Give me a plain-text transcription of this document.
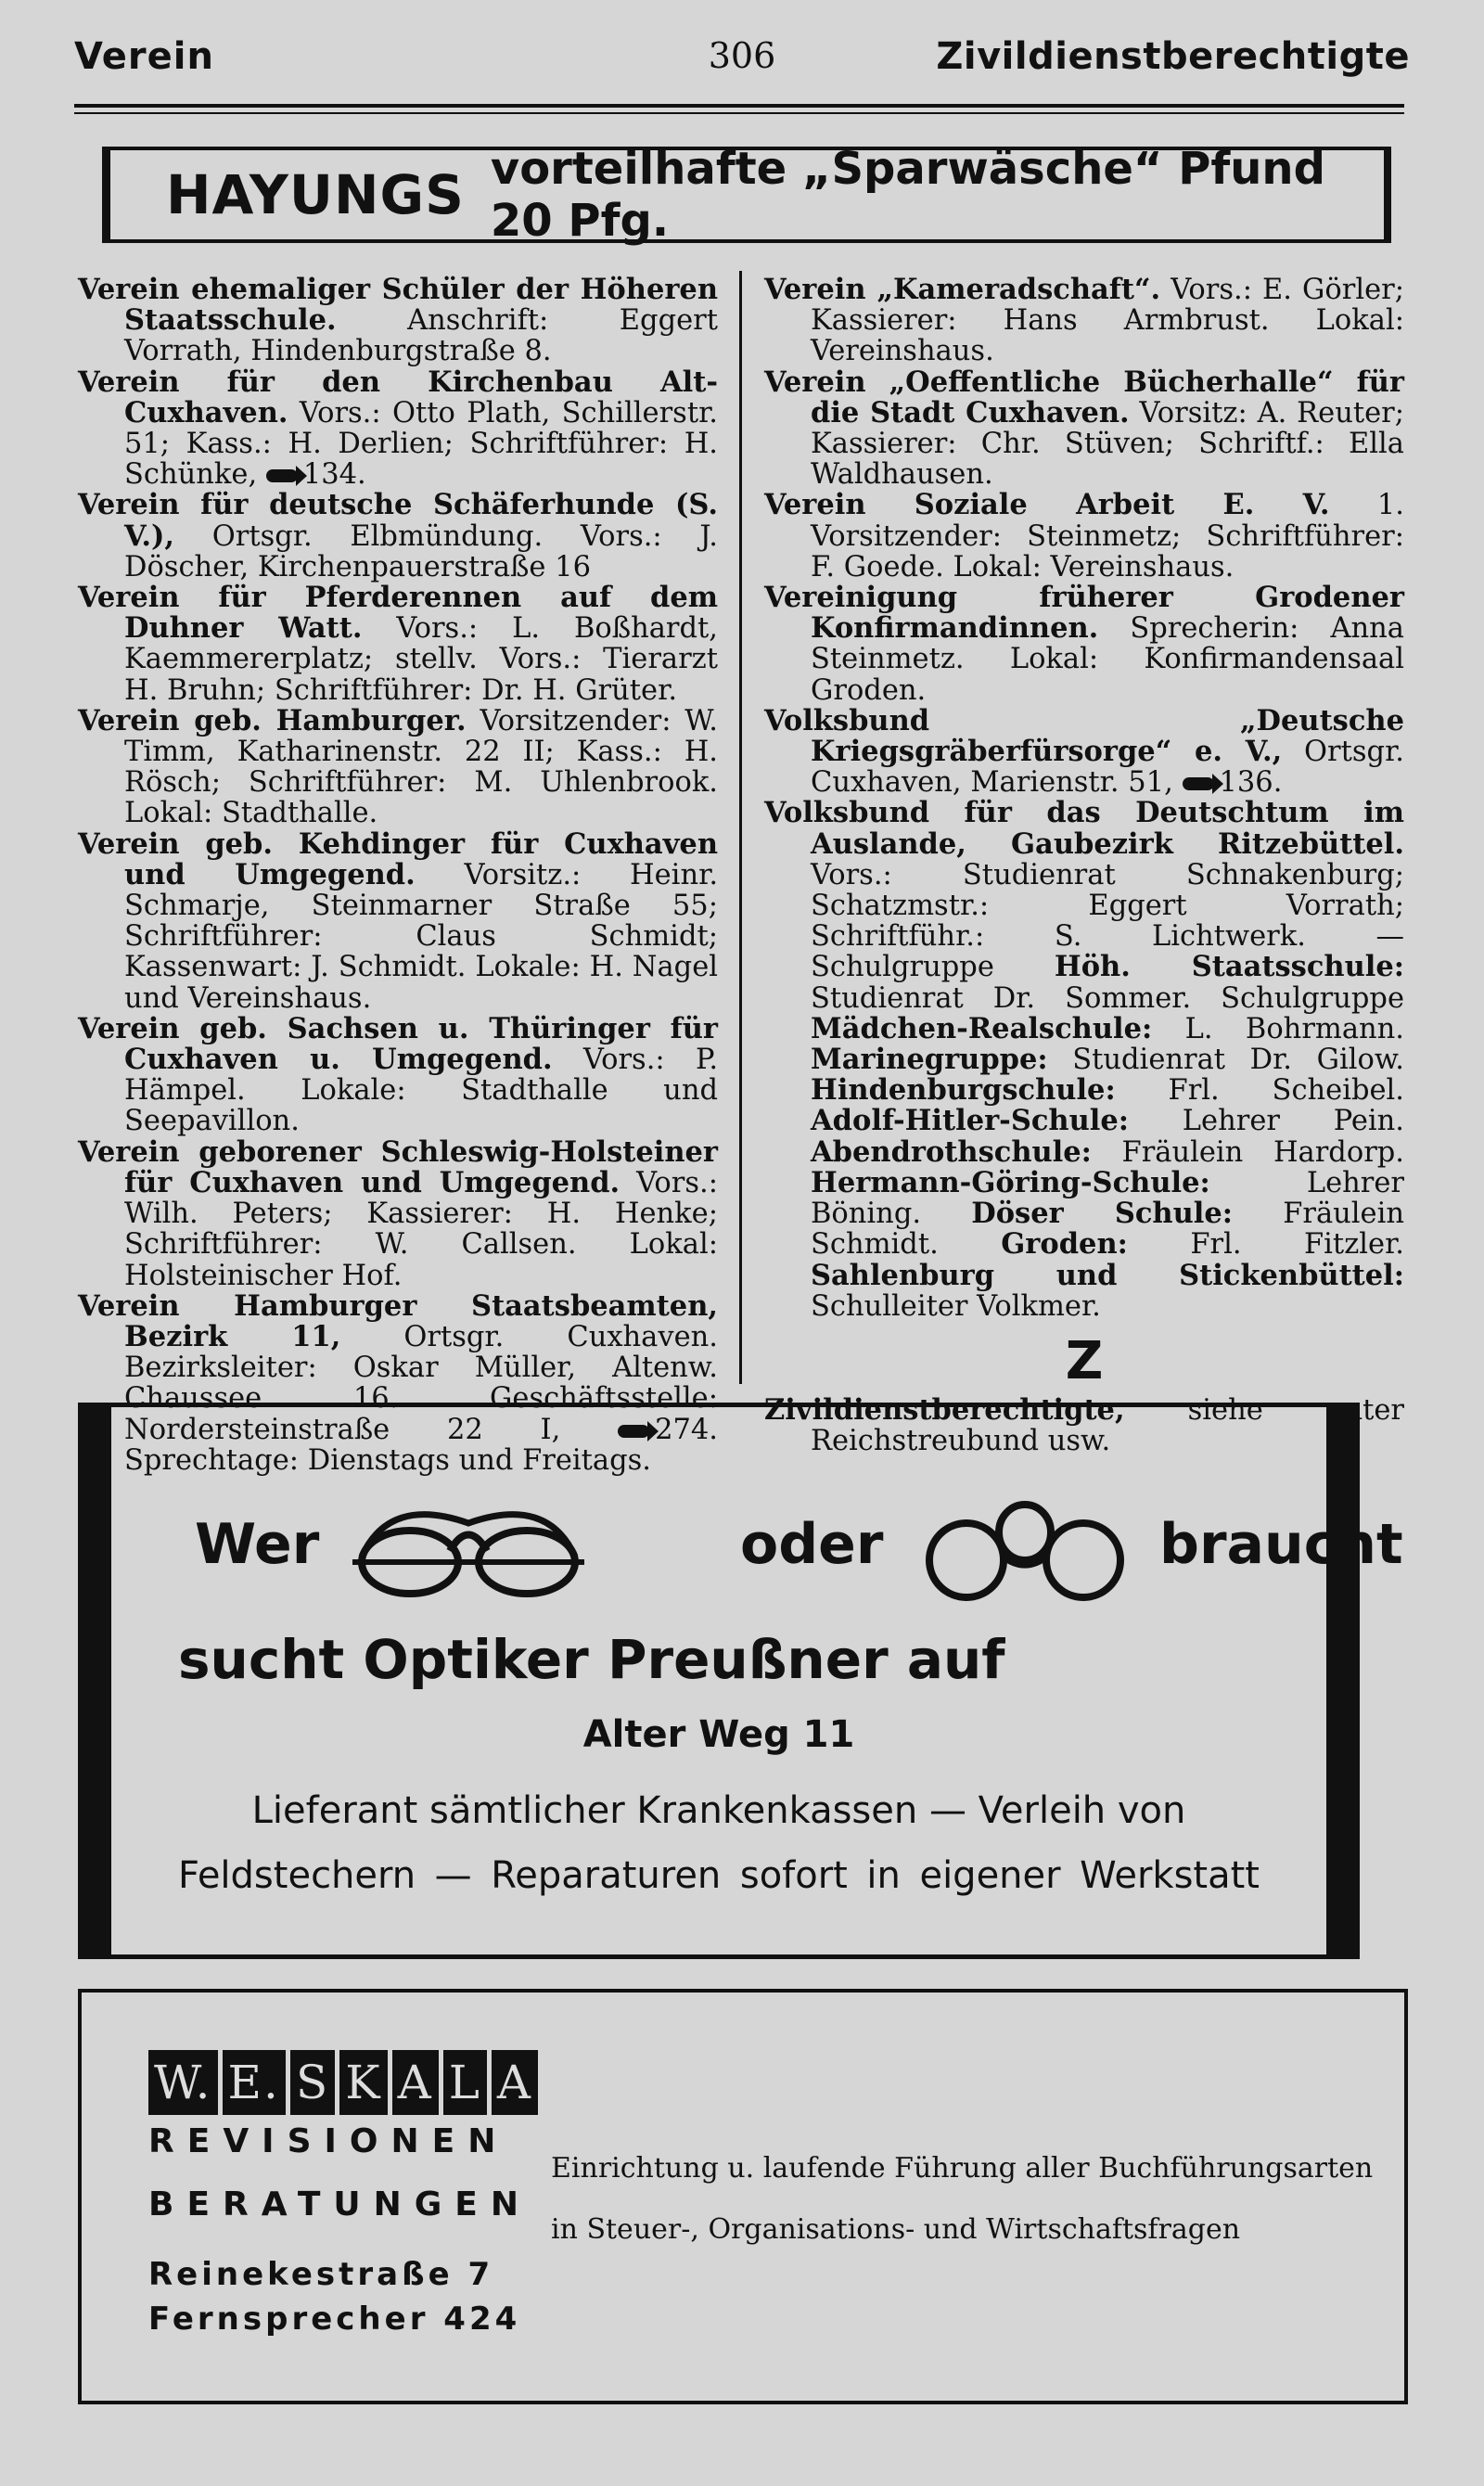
Verein	306	Zivildienstberechtigte
HAYUNGS vorteilhafte „Sparwäsche“ Pfund 20 Pfg.

Verein ehemaliger Schüler der Höheren Staatsschule. Anschrift: Eggert Vorrath, Hindenburgstraße 8.

Verein für den Kirchenbau Alt-Cuxhaven. Vors.: Otto Plath, Schillerstr. 51; Kass.: H. Derlien; Schriftführer: H. Schünke, 134.

Verein für deutsche Schäferhunde (S. V.), Ortsgr. Elbmündung. Vors.: J. Döscher, Kirchenpauerstraße 16

Verein für Pferderennen auf dem Duhner Watt. Vors.: L. Boßhardt, Kaemmererplatz; stellv. Vors.: Tierarzt H. Bruhn; Schriftführer: Dr. H. Grüter.

Verein geb. Hamburger. Vorsitzender: W. Timm, Katharinenstr. 22 II; Kass.: H. Rösch; Schriftführer: M. Uhlenbrook. Lokal: Stadthalle.

Verein geb. Kehdinger für Cuxhaven und Umgegend. Vorsitz.: Heinr. Schmarje, Steinmarner Straße 55; Schriftführer: Claus Schmidt; Kassenwart: J. Schmidt. Lokale: H. Nagel und Vereinshaus.

Verein geb. Sachsen u. Thüringer für Cuxhaven u. Umgegend. Vors.: P. Hämpel. Lokale: Stadthalle und Seepavillon.

Verein geborener Schleswig-Holsteiner für Cuxhaven und Umgegend. Vors.: Wilh. Peters; Kassierer: H. Henke; Schriftführer: W. Callsen. Lokal: Holsteinischer Hof.

Verein Hamburger Staatsbeamten, Bezirk 11, Ortsgr. Cuxhaven. Bezirksleiter: Oskar Müller, Altenw. Chaussee 16. Geschäftsstelle: Nordersteinstraße 22 I,	274. Sprechtage: Dienstags und Freitags.

Verein „Kameradschaft“. Vors.: E. Görler; Kassierer: Hans Armbrust. Lokal: Vereinshaus.

Verein „Oeffentliche Bücherhalle“ für die Stadt Cuxhaven. Vorsitz: A. Reuter; Kassierer: Chr. Stüven; Schriftf.: Ella Waldhausen.

Verein Soziale Arbeit E. V. 1. Vorsitzender: Steinmetz; Schriftführer: F. Goede. Lokal: Vereinshaus.

Vereinigung früherer Grodener Konfirmandinnen. Sprecherin: Anna Steinmetz. Lokal: Konfirmandensaal Groden.

Volksbund „Deutsche Kriegsgräberfürsorge“ e. V., Ortsgr. Cuxhaven, Marienstr. 51, 136.

Volksbund für das Deutschtum im Auslande, Gaubezirk Ritzebüttel. Vors.: Studienrat Schnakenburg; Schatzmstr.: Eggert Vorrath; Schriftführ.: S. Lichtwerk. — Schulgruppe Höh. Staatsschule: Studienrat Dr. Sommer. Schulgruppe Mädchen-Realschule: L. Bohrmann. Marinegruppe: Studienrat Dr. Gilow. Hindenburgschule: Frl. Scheibel. Adolf-Hitler-Schule: Lehrer Pein. Abendrothschule: Fräulein Hardorp. Hermann-Göring-Schule: Lehrer Böning. Döser Schule: Fräulein Schmidt. Groden: Frl. Fitzler. Sahlenburg und Stickenbüttel: Schulleiter Volkmer.

Z

Zivildienstberechtigte, siehe unter Reichstreubund usw.

Wer	oder	braucht
sucht Optiker Preußner auf
Alter Weg 11
Lieferant sämtlicher Krankenkassen — Verleih von
Feldstechern — Reparaturen sofort in eigener Werkstatt
W. E. S K A L A
REVISIONEN
Einrichtung u. laufende Führung aller Buchführungsarten
BERATUNGEN
in Steuer-, Organisations- und Wirtschaftsfragen
Reinekestraße 7
Fernsprecher 424
